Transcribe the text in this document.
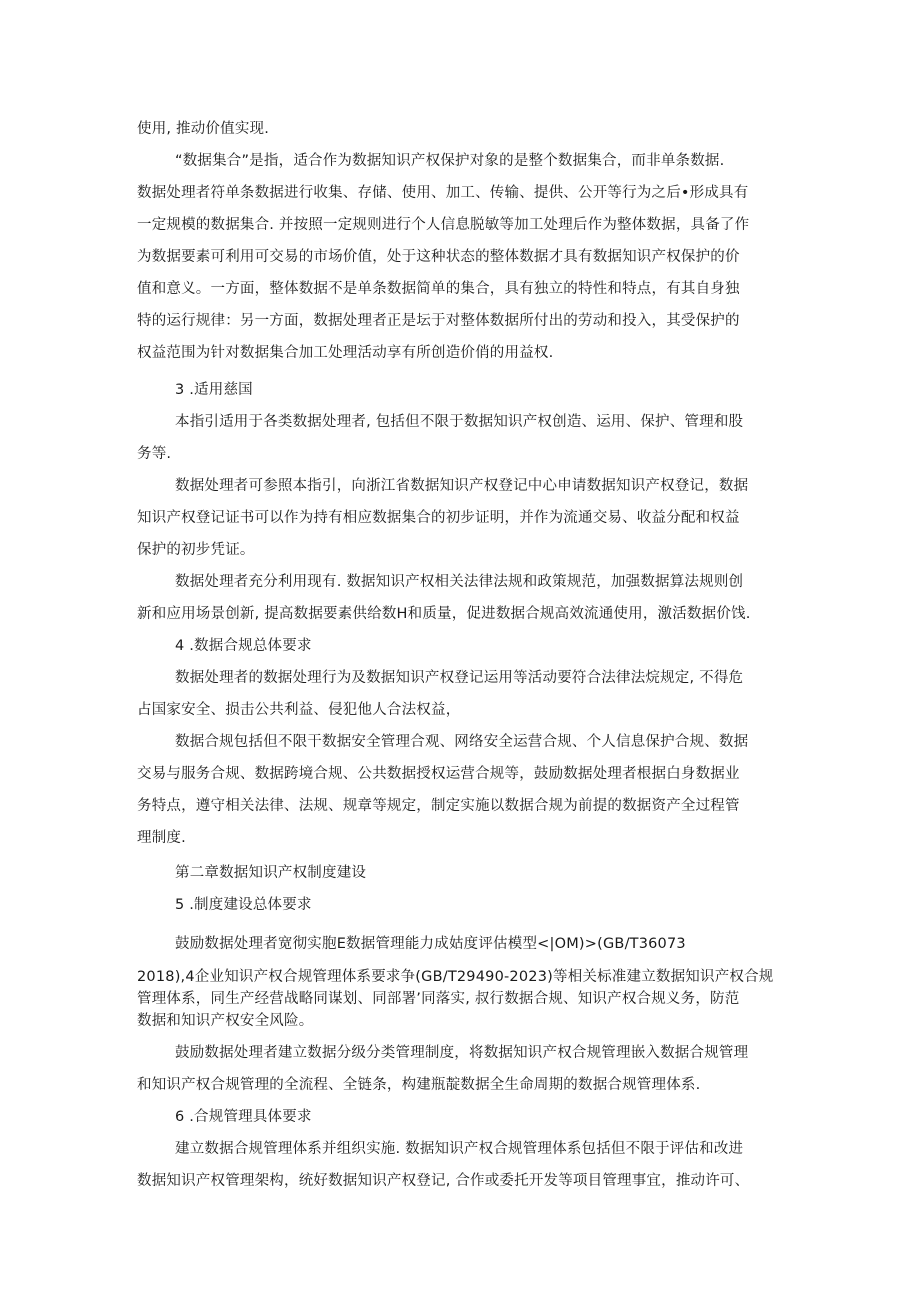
使用, 推动价值实现.
“数据集合”是指，适合作为数据知识产权保护对象的是整个数据集合，而非单条数据.
数据处理者符单条数据进行收集、存储、使用、加工、传输、提供、公开等行为之后•形成具有
一定规模的数据集合. 并按照一定规则进行个人信息脱敏等加工处理后作为整体数据，具备了作
为数据要素可利用可交易的市场价值，处于这种状态的整体数据才具有数据知识产权保护的价
值和意义。一方面，整体数据不是单条数据简单的集合，具有独立的特性和特点，有其自身独
特的运行规律：另一方面，数据处理者正是坛于对整体数据所付出的劳动和投入，其受保护的
权益范围为针对数据集合加工处理活动享有所创造价俏的用益权.
3 .适用慈国
本指引适用于各类数据处理者, 包括但不限于数据知识产权创造、运用、保护、管理和股
务等.
数据处理者可参照本指引，向浙江省数据知识产权登记中心申请数据知识产权登记，数据
知识产权登记证书可以作为持有相应数据集合的初步证明，并作为流通交易、收益分配和权益
保护的初步凭证。
数据处理者充分利用现有. 数据知识产权相关法律法规和政策规范，加强数据算法规则创
新和应用场景创新, 提高数据要素供给数H和质量，促进数据合规高效流通使用，激活数据价饯.
4 .数据合规总体要求
数据处理者的数据处理行为及数据知识产权登记运用等活动要符合法律法烷规定, 不得危
占国家安全、损击公共利益、侵犯他人合法权益，
数据合规包括但不限干数据安全管理合观、网络安全运营合规、个人信息保护合规、数据
交易与服务合规、数据跨境合规、公共数据授权运营合规等，鼓励数据处理者根据白身数据业
务特点，遵守相关法律、法规、规章等规定，制定实施以数据合规为前提的数据资产全过程管
理制度.
第二章数据知识产权制度建设
5 .制度建设总体要求
鼓励数据处理者宽彻实胞E数据管理能力成姑度评估模型<|OM)>(GB/T36073
2018),4企业知识产权合规管理体系要求争(GB/T29490-2023)等相关标准建立数据知识产权合规
管理体系，同生产经营战略同谋划、同部署’同落实, 叔行数据合规、知识产权合规义务，防范
数据和知识产权安全风险。
鼓励数据处理者建立数据分级分类管理制度，将数据知识产权合规管理嵌入数据合规管理
和知识产权合规管理的全流程、全链条，构建瓶靛数据全生命周期的数据合规管理体系.
6 .合规管理具体要求
建立数据合规管理体系并组织实施. 数据知识产权合规管理体系包括但不限于评估和改进
数据知识产权管理架构，统好数据知识产权登记, 合作或委托开发等项目管理事宜，推动许可、
